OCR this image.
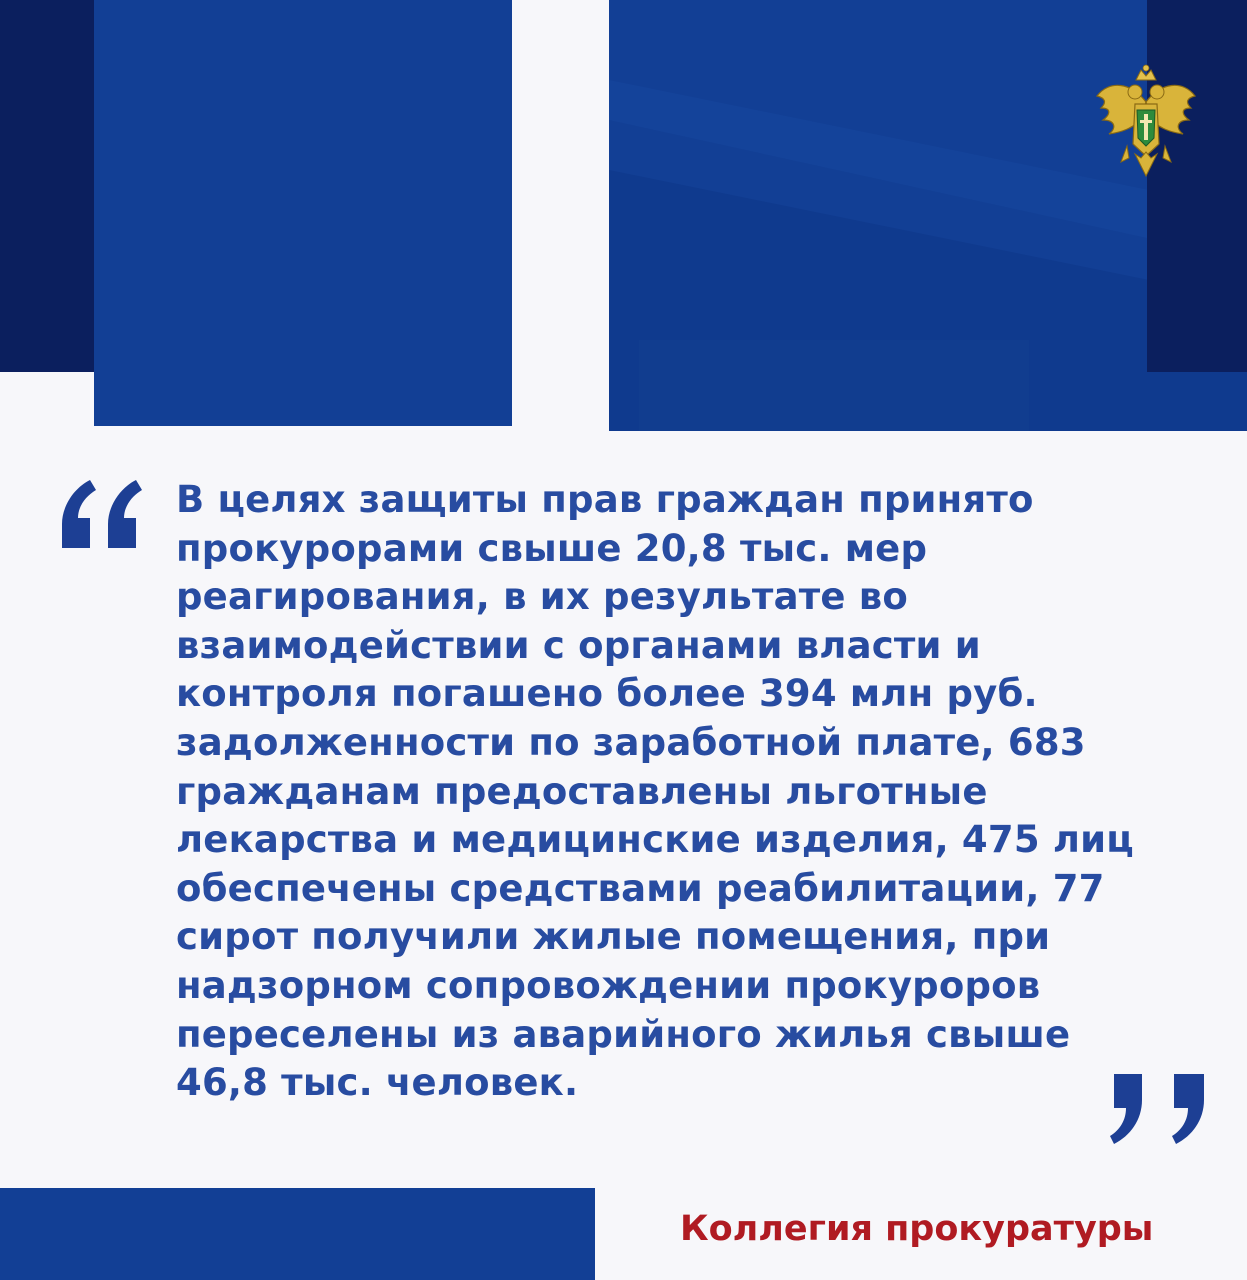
В целях защиты прав граждан принято
прокурорами свыше 20,8 тыс. мер
реагирования, в их результате во
взаимодействии с органами власти и
контроля погашено более 394 млн руб.
задолженности по заработной плате, 683
гражданам предоставлены льготные
лекарства и медицинские изделия, 475 лиц
обеспечены средствами реабилитации, 77
сирот получили жилые помещения, при
надзорном сопровождении прокуроров
переселены из аварийного жилья свыше
46,8 тыс. человек.

Коллегия прокуратуры
